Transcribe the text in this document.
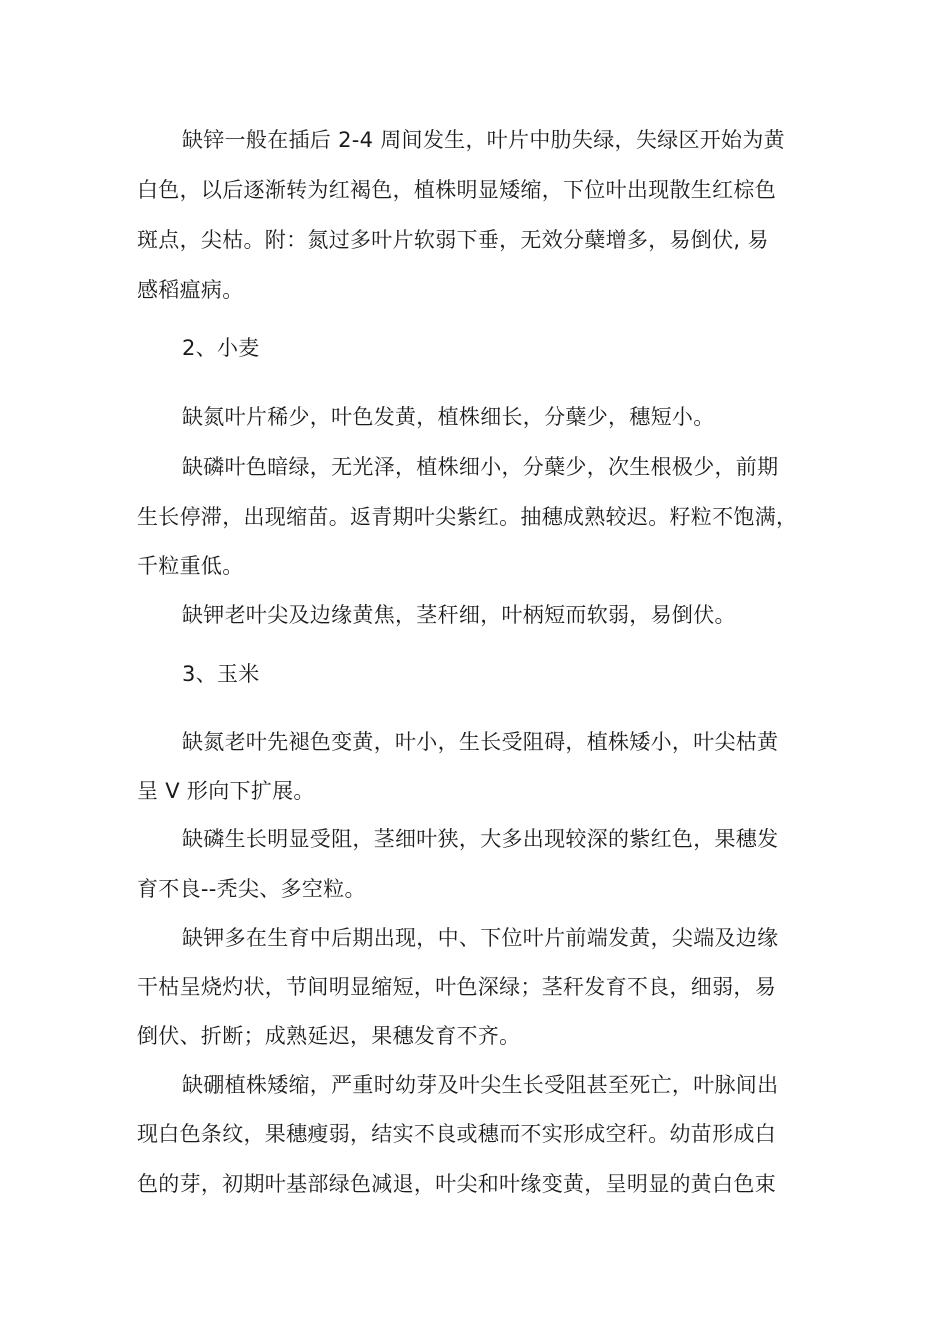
缺锌一般在插后 2-4 周间发生，叶片中肋失绿，失绿区开始为黄
白色，以后逐渐转为红褐色，植株明显矮缩，下位叶出现散生红棕色
斑点，尖枯。附：氮过多叶片软弱下垂，无效分蘖增多，易倒伏, 易
感稻瘟病。
2、小麦
缺氮叶片稀少，叶色发黄，植株细长，分蘖少，穗短小。
缺磷叶色暗绿，无光泽，植株细小，分蘖少，次生根极少，前期
生长停滞，出现缩苗。返青期叶尖紫红。抽穗成熟较迟。籽粒不饱满，
千粒重低。
缺钾老叶尖及边缘黄焦，茎秆细，叶柄短而软弱，易倒伏。
3、玉米
缺氮老叶先褪色变黄，叶小，生长受阻碍，植株矮小，叶尖枯黄
呈 V 形向下扩展。
缺磷生长明显受阻，茎细叶狭，大多出现较深的紫红色，果穗发
育不良--秃尖、多空粒。
缺钾多在生育中后期出现，中、下位叶片前端发黄，尖端及边缘
干枯呈烧灼状，节间明显缩短，叶色深绿；茎秆发育不良，细弱，易
倒伏、折断；成熟延迟，果穗发育不齐。
缺硼植株矮缩，严重时幼芽及叶尖生长受阻甚至死亡，叶脉间出
现白色条纹，果穗瘦弱，结实不良或穗而不实形成空秆。幼苗形成白
色的芽，初期叶基部绿色减退，叶尖和叶缘变黄，呈明显的黄白色束
